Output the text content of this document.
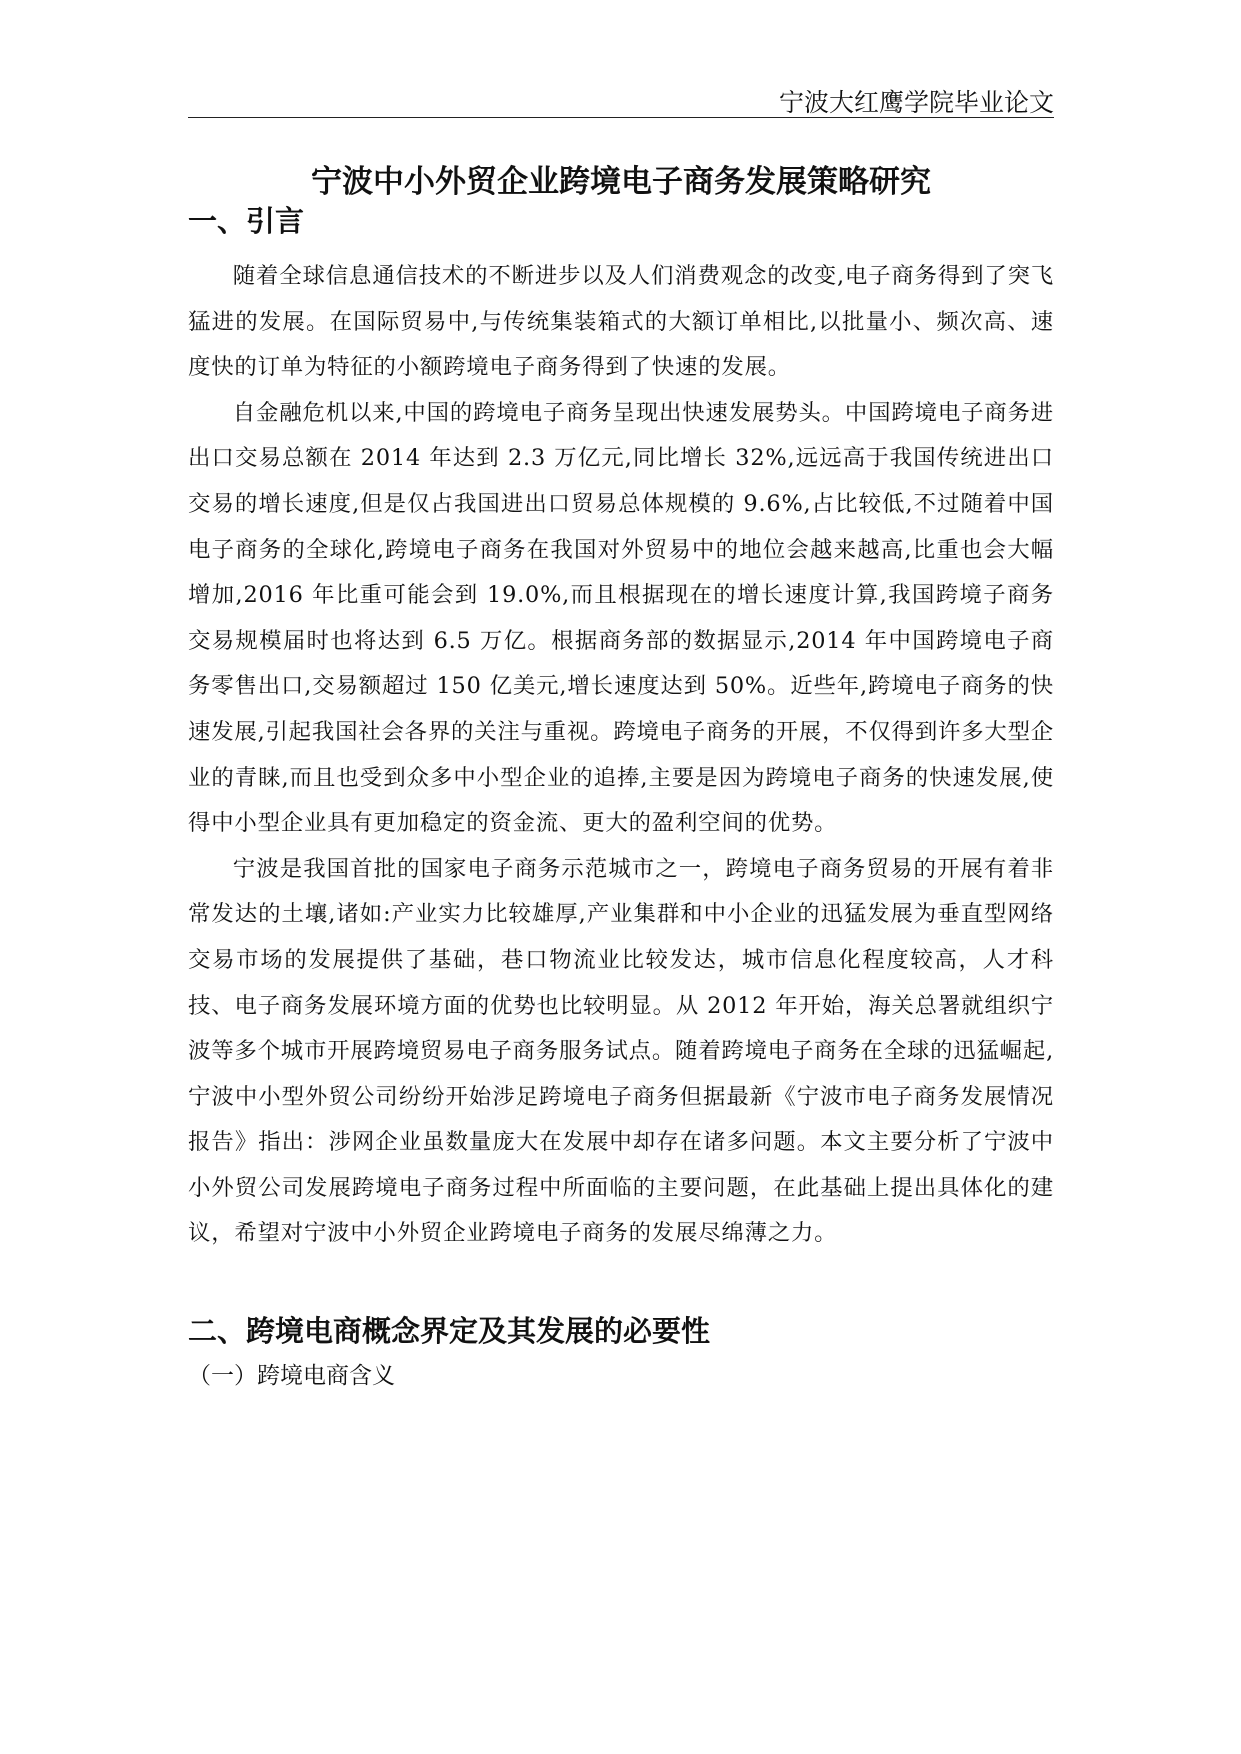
宁波大红鹰学院毕业论文
宁波中小外贸企业跨境电子商务发展策略研究
一、引言

随着全球信息通信技术的不断进步以及人们消费观念的改变,电子商务得到了突飞猛进的发展。在国际贸易中,与传统集装箱式的大额订单相比,以批量小、频次高、速度快的订单为特征的小额跨境电子商务得到了快速的发展。

自金融危机以来,中国的跨境电子商务呈现出快速发展势头。中国跨境电子商务进出口交易总额在 2014 年达到 2.3 万亿元,同比增长 32%,远远高于我国传统进出口交易的增长速度,但是仅占我国进出口贸易总体规模的 9.6%,占比较低,不过随着中国电子商务的全球化,跨境电子商务在我国对外贸易中的地位会越来越高,比重也会大幅增加,2016 年比重可能会到 19.0%,而且根据现在的增长速度计算,我国跨境子商务交易规模届时也将达到 6.5 万亿。根据商务部的数据显示,2014 年中国跨境电子商务零售出口,交易额超过 150 亿美元,增长速度达到 50%。近些年,跨境电子商务的快速发展,引起我国社会各界的关注与重视。跨境电子商务的开展，不仅得到许多大型企业的青睐,而且也受到众多中小型企业的追捧,主要是因为跨境电子商务的快速发展,使得中小型企业具有更加稳定的资金流、更大的盈利空间的优势。

宁波是我国首批的国家电子商务示范城市之一，跨境电子商务贸易的开展有着非常发达的土壤,诸如:产业实力比较雄厚,产业集群和中小企业的迅猛发展为垂直型网络交易市场的发展提供了基础，巷口物流业比较发达，城市信息化程度较高，人才科技、电子商务发展环境方面的优势也比较明显。从 2012 年开始，海关总署就组织宁波等多个城市开展跨境贸易电子商务服务试点。随着跨境电子商务在全球的迅猛崛起,宁波中小型外贸公司纷纷开始涉足跨境电子商务但据最新《宁波市电子商务发展情况报告》指出：涉网企业虽数量庞大在发展中却存在诸多问题。本文主要分析了宁波中小外贸公司发展跨境电子商务过程中所面临的主要问题，在此基础上提出具体化的建议，希望对宁波中小外贸企业跨境电子商务的发展尽绵薄之力。

二、跨境电商概念界定及其发展的必要性
（一）跨境电商含义
